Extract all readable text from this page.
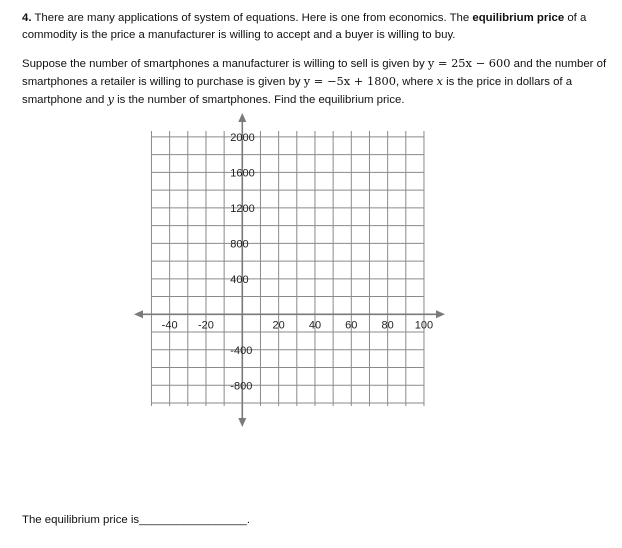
4. There are many applications of system of equations. Here is one from economics. The equilibrium price of a commodity is the price a manufacturer is willing to accept and a buyer is willing to buy.

Suppose the number of smartphones a manufacturer is willing to sell is given by y = 25x − 600 and the number of smartphones a retailer is willing to purchase is given by y = −5x + 1800, where x is the price in dollars of a smartphone and y is the number of smartphones. Find the equilibrium price.

-40 -20	20 40 60 80 100
2000
1600
1200
800
400
-400
-800

The equilibrium price is_________________.
